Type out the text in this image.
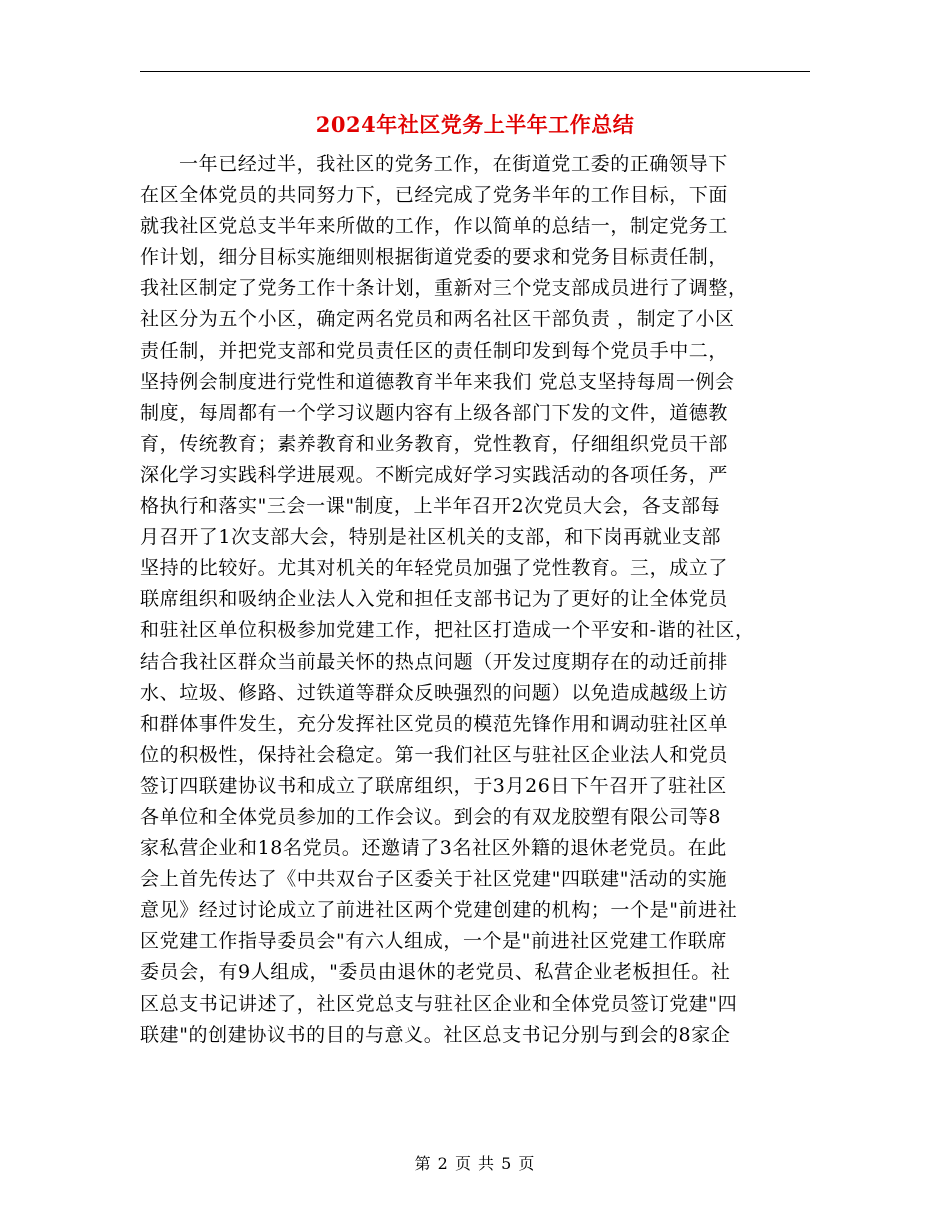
2024年社区党务上半年工作总结
一年已经过半，我社区的党务工作，在街道党工委的正确领导下
在区全体党员的共同努力下，已经完成了党务半年的工作目标，下面
就我社区党总支半年来所做的工作，作以简单的总结一，制定党务工
作计划，细分目标实施细则根据街道党委的要求和党务目标责任制，
我社区制定了党务工作十条计划，重新对三个党支部成员进行了调整，
社区分为五个小区，确定两名党员和两名社区干部负责 ，制定了小区
责任制，并把党支部和党员责任区的责任制印发到每个党员手中二，
坚持例会制度进行党性和道德教育半年来我们 党总支坚持每周一例会
制度，每周都有一个学习议题内容有上级各部门下发的文件，道德教
育，传统教育；素养教育和业务教育，党性教育，仔细组织党员干部
深化学习实践科学进展观。不断完成好学习实践活动的各项任务，严
格执行和落实"三会一课"制度，上半年召开2次党员大会，各支部每
月召开了1次支部大会，特别是社区机关的支部，和下岗再就业支部
坚持的比较好。尤其对机关的年轻党员加强了党性教育。三，成立了
联席组织和吸纳企业法人入党和担任支部书记为了更好的让全体党员
和驻社区单位积极参加党建工作，把社区打造成一个平安和-谐的社区，
结合我社区群众当前最关怀的热点问题（开发过度期存在的动迁前排
水、垃圾、修路、过铁道等群众反映强烈的问题）以免造成越级上访
和群体事件发生，充分发挥社区党员的模范先锋作用和调动驻社区单
位的积极性，保持社会稳定。第一我们社区与驻社区企业法人和党员
签订四联建协议书和成立了联席组织，于3月26日下午召开了驻社区
各单位和全体党员参加的工作会议。到会的有双龙胶塑有限公司等8
家私营企业和18名党员。还邀请了3名社区外籍的退休老党员。在此
会上首先传达了《中共双台子区委关于社区党建"四联建"活动的实施
意见》经过讨论成立了前进社区两个党建创建的机构；一个是"前进社
区党建工作指导委员会"有六人组成，一个是"前进社区党建工作联席
委员会，有9人组成，"委员由退休的老党员、私营企业老板担任。社
区总支书记讲述了，社区党总支与驻社区企业和全体党员签订党建"四
联建"的创建协议书的目的与意义。社区总支书记分别与到会的8家企
第 2 页 共 5 页
